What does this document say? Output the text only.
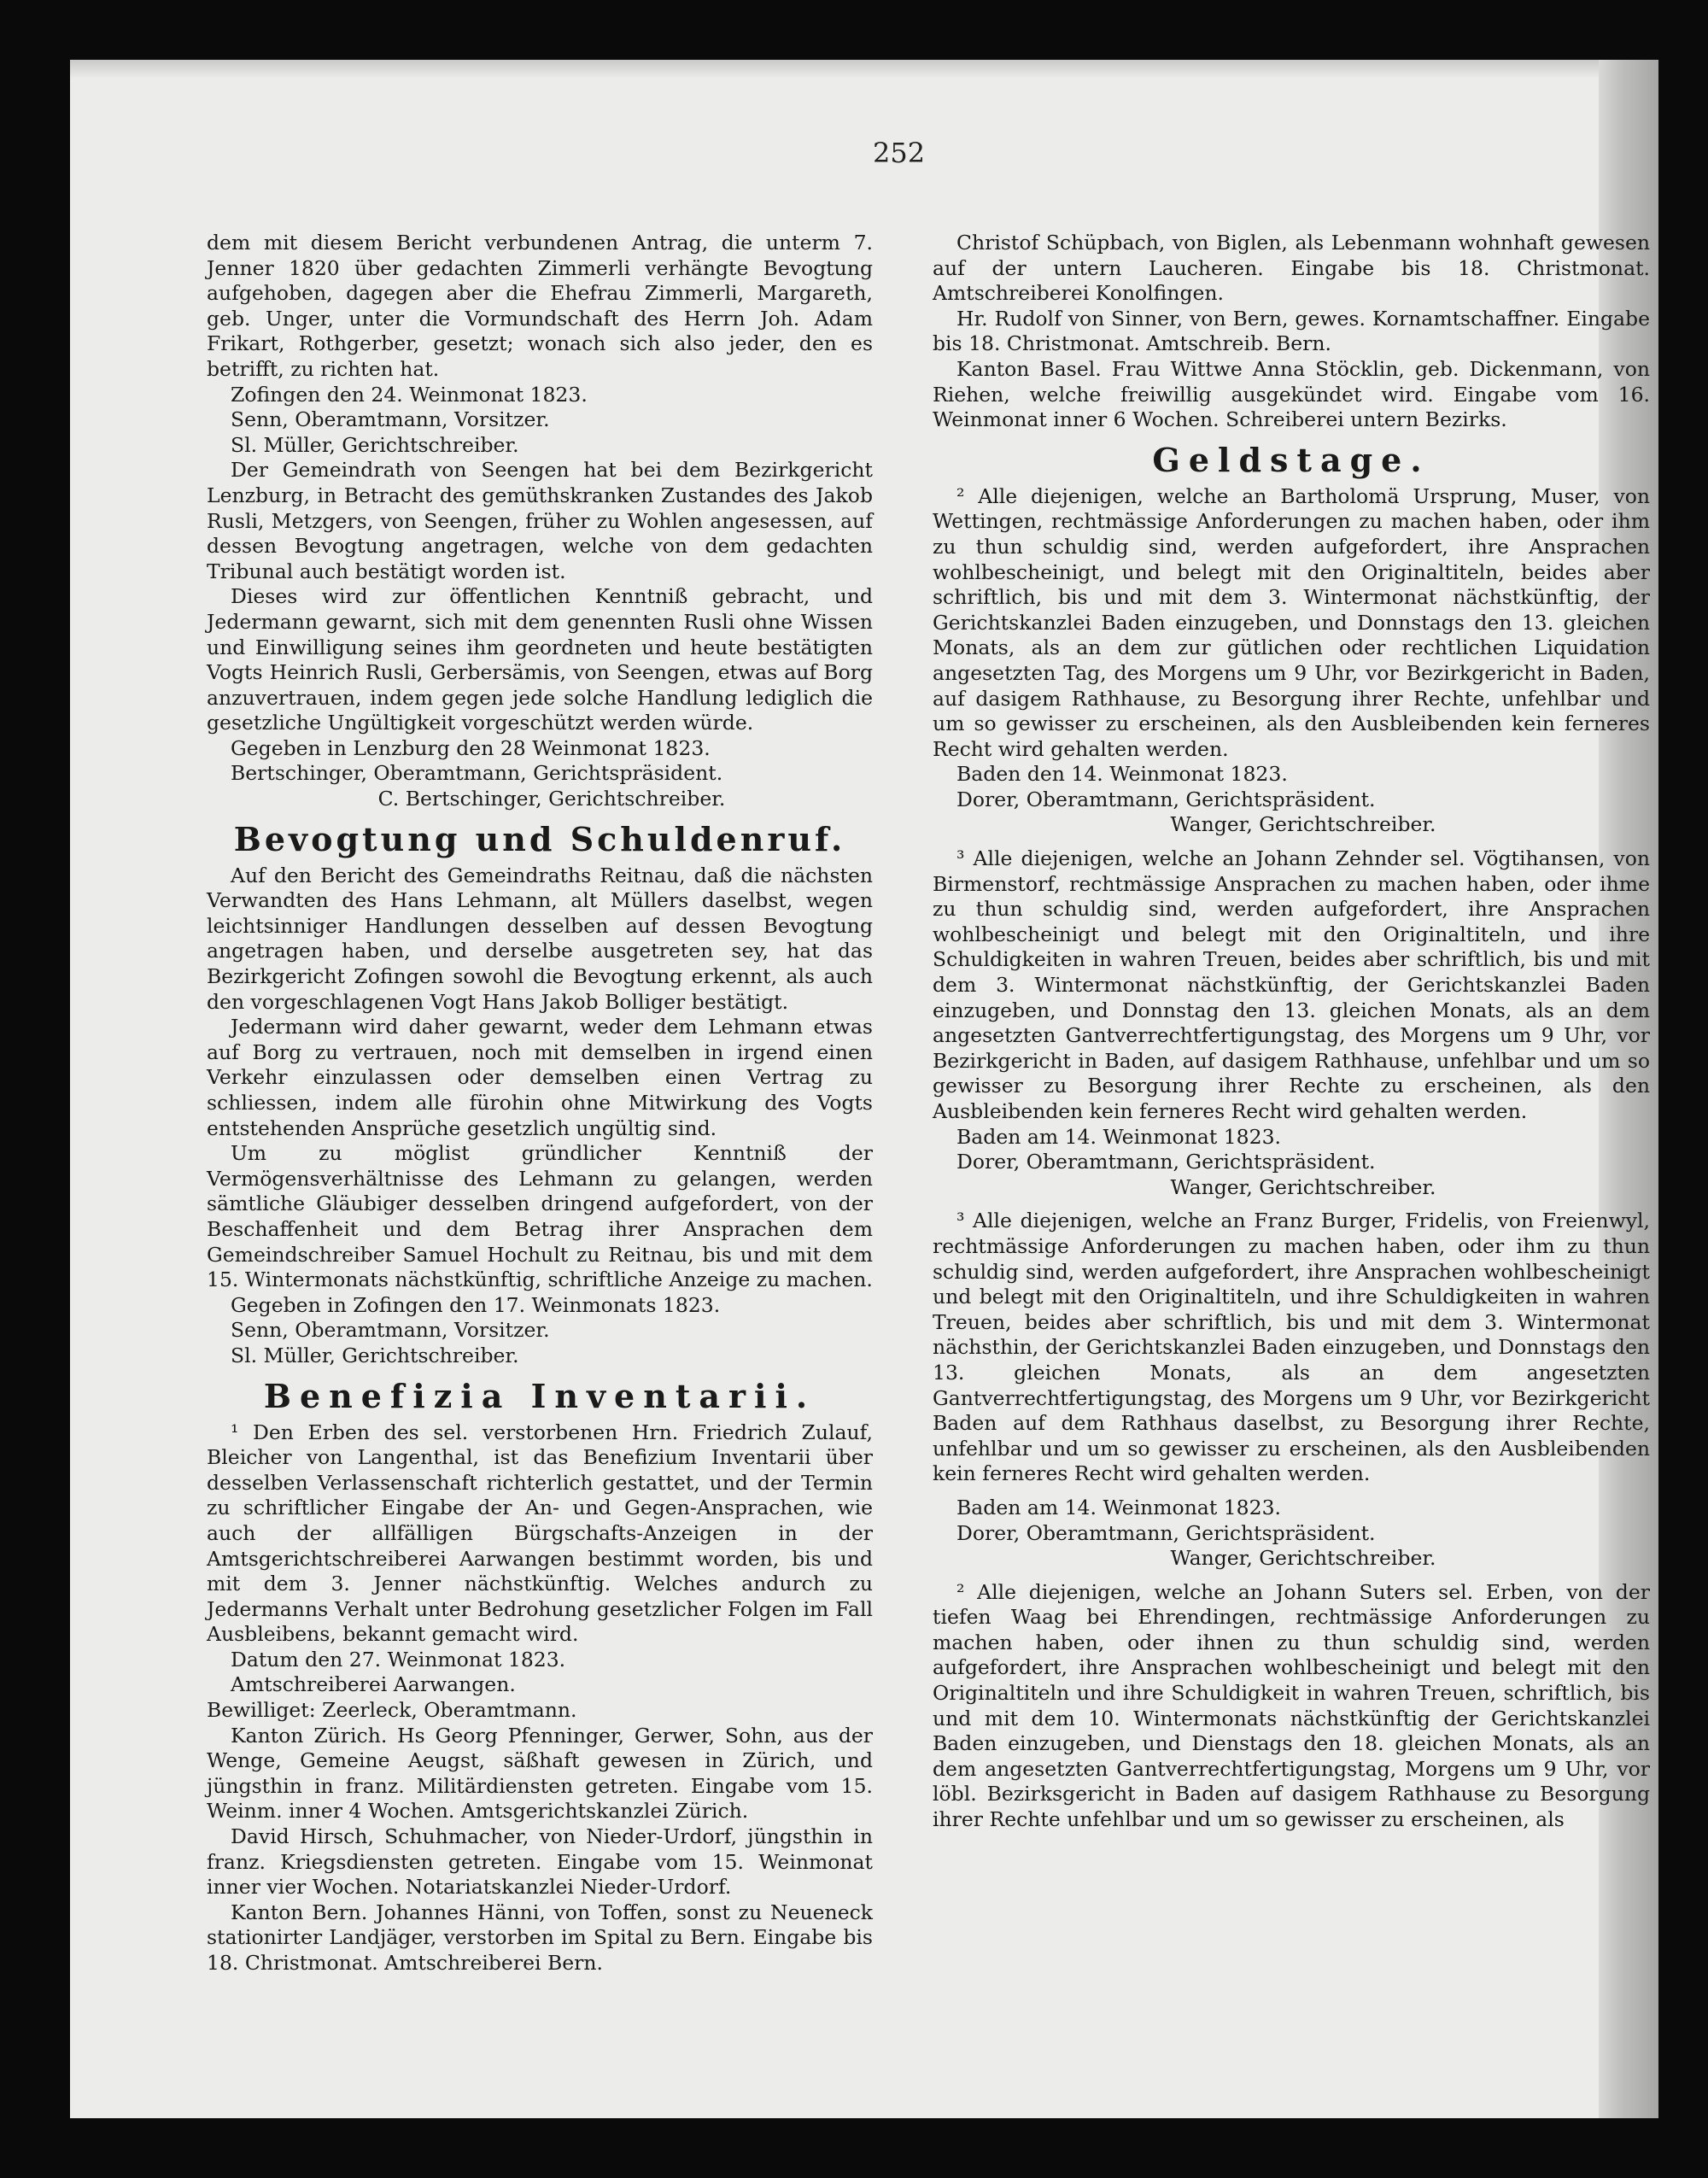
252

dem mit diesem Bericht verbundenen Antrag, die unterm 7. Jenner 1820 über gedachten Zimmerli verhängte Bevogtung aufgehoben, dagegen aber die Ehefrau Zimmerli, Margareth, geb. Unger, unter die Vormundschaft des Herrn Joh. Adam Frikart, Rothgerber, gesetzt; wonach sich also jeder, den es betrifft, zu richten hat.

Zofingen den 24. Weinmonat 1823.

Senn, Oberamtmann, Vorsitzer.

Sl. Müller, Gerichtschreiber.

Der Gemeindrath von Seengen hat bei dem Bezirkgericht Lenzburg, in Betracht des gemüthskranken Zustandes des Jakob Rusli, Metzgers, von Seengen, früher zu Wohlen angesessen, auf dessen Bevogtung angetragen, welche von dem gedachten Tribunal auch bestätigt worden ist.

Dieses wird zur öffentlichen Kenntniß gebracht, und Jedermann gewarnt, sich mit dem genennten Rusli ohne Wissen und Einwilligung seines ihm geordneten und heute bestätigten Vogts Heinrich Rusli, Gerbersämis, von Seengen, etwas auf Borg anzuvertrauen, indem gegen jede solche Handlung lediglich die gesetzliche Ungültigkeit vorgeschützt werden würde.

Gegeben in Lenzburg den 28 Weinmonat 1823.

Bertschinger, Oberamtmann, Gerichtspräsident.

C. Bertschinger, Gerichtschreiber.

Bevogtung und Schuldenruf.

Auf den Bericht des Gemeindraths Reitnau, daß die nächsten Verwandten des Hans Lehmann, alt Müllers daselbst, wegen leichtsinniger Handlungen desselben auf dessen Bevogtung angetragen haben, und derselbe ausgetreten sey, hat das Bezirkgericht Zofingen sowohl die Bevogtung erkennt, als auch den vorgeschlagenen Vogt Hans Jakob Bolliger bestätigt.

Jedermann wird daher gewarnt, weder dem Lehmann etwas auf Borg zu vertrauen, noch mit demselben in irgend einen Verkehr einzulassen oder demselben einen Vertrag zu schliessen, indem alle fürohin ohne Mitwirkung des Vogts entstehenden Ansprüche gesetzlich ungültig sind.

Um zu möglist gründlicher Kenntniß der Vermögensverhältnisse des Lehmann zu gelangen, werden sämtliche Gläubiger desselben dringend aufgefordert, von der Beschaffenheit und dem Betrag ihrer Ansprachen dem Gemeindschreiber Samuel Hochult zu Reitnau, bis und mit dem 15. Wintermonats nächstkünftig, schriftliche Anzeige zu machen.

Gegeben in Zofingen den 17. Weinmonats 1823.

Senn, Oberamtmann, Vorsitzer.

Sl. Müller, Gerichtschreiber.

Benefizia Inventarii.

¹ Den Erben des sel. verstorbenen Hrn. Friedrich Zulauf, Bleicher von Langenthal, ist das Benefizium Inventarii über desselben Verlassenschaft richterlich gestattet, und der Termin zu schriftlicher Eingabe der An- und Gegen-Ansprachen, wie auch der allfälligen Bürgschafts-Anzeigen in der Amtsgerichtschreiberei Aarwangen bestimmt worden, bis und mit dem 3. Jenner nächstkünftig. Welches andurch zu Jedermanns Verhalt unter Bedrohung gesetzlicher Folgen im Fall Ausbleibens, bekannt gemacht wird.

Datum den 27. Weinmonat 1823.

Amtschreiberei Aarwangen.

Bewilliget: Zeerleck, Oberamtmann.

Kanton Zürich. Hs Georg Pfenninger, Gerwer, Sohn, aus der Wenge, Gemeine Aeugst, säßhaft gewesen in Zürich, und jüngsthin in franz. Militärdiensten getreten. Eingabe vom 15. Weinm. inner 4 Wochen. Amtsgerichtskanzlei Zürich.

David Hirsch, Schuhmacher, von Nieder-Urdorf, jüngsthin in franz. Kriegsdiensten getreten. Eingabe vom 15. Weinmonat inner vier Wochen. Notariatskanzlei Nieder-Urdorf.

Kanton Bern. Johannes Hänni, von Toffen, sonst zu Neueneck stationirter Landjäger, verstorben im Spital zu Bern. Eingabe bis 18. Christmonat. Amtschreiberei Bern.

Christof Schüpbach, von Biglen, als Lebenmann wohnhaft gewesen auf der untern Laucheren. Eingabe bis 18. Christmonat. Amtschreiberei Konolfingen.

Hr. Rudolf von Sinner, von Bern, gewes. Kornamtschaffner. Eingabe bis 18. Christmonat. Amtschreib. Bern.

Kanton Basel. Frau Wittwe Anna Stöcklin, geb. Dickenmann, von Riehen, welche freiwillig ausgekündet wird. Eingabe vom 16. Weinmonat inner 6 Wochen. Schreiberei untern Bezirks.

Geldstage.

² Alle diejenigen, welche an Bartholomä Ursprung, Muser, von Wettingen, rechtmässige Anforderungen zu machen haben, oder ihm zu thun schuldig sind, werden aufgefordert, ihre Ansprachen wohlbescheinigt, und belegt mit den Originaltiteln, beides aber schriftlich, bis und mit dem 3. Wintermonat nächstkünftig, der Gerichtskanzlei Baden einzugeben, und Donnstags den 13. gleichen Monats, als an dem zur gütlichen oder rechtlichen Liquidation angesetzten Tag, des Morgens um 9 Uhr, vor Bezirkgericht in Baden, auf dasigem Rathhause, zu Besorgung ihrer Rechte, unfehlbar und um so gewisser zu erscheinen, als den Ausbleibenden kein ferneres Recht wird gehalten werden.

Baden den 14. Weinmonat 1823.

Dorer, Oberamtmann, Gerichtspräsident.

Wanger, Gerichtschreiber.

³ Alle diejenigen, welche an Johann Zehnder sel. Vögtihansen, von Birmenstorf, rechtmässige Ansprachen zu machen haben, oder ihme zu thun schuldig sind, werden aufgefordert, ihre Ansprachen wohlbescheinigt und belegt mit den Originaltiteln, und ihre Schuldigkeiten in wahren Treuen, beides aber schriftlich, bis und mit dem 3. Wintermonat nächstkünftig, der Gerichtskanzlei Baden einzugeben, und Donnstag den 13. gleichen Monats, als an dem angesetzten Gantverrechtfertigungstag, des Morgens um 9 Uhr, vor Bezirkgericht in Baden, auf dasigem Rathhause, unfehlbar und um so gewisser zu Besorgung ihrer Rechte zu erscheinen, als den Ausbleibenden kein ferneres Recht wird gehalten werden.

Baden am 14. Weinmonat 1823.

Dorer, Oberamtmann, Gerichtspräsident.

Wanger, Gerichtschreiber.

³ Alle diejenigen, welche an Franz Burger, Fridelis, von Freienwyl, rechtmässige Anforderungen zu machen haben, oder ihm zu thun schuldig sind, werden aufgefordert, ihre Ansprachen wohlbescheinigt und belegt mit den Originaltiteln, und ihre Schuldigkeiten in wahren Treuen, beides aber schriftlich, bis und mit dem 3. Wintermonat nächsthin, der Gerichtskanzlei Baden einzugeben, und Donnstags den 13. gleichen Monats, als an dem angesetzten Gantverrechtfertigungstag, des Morgens um 9 Uhr, vor Bezirkgericht Baden auf dem Rathhaus daselbst, zu Besorgung ihrer Rechte, unfehlbar und um so gewisser zu erscheinen, als den Ausbleibenden kein ferneres Recht wird gehalten werden.

Baden am 14. Weinmonat 1823.

Dorer, Oberamtmann, Gerichtspräsident.

Wanger, Gerichtschreiber.

² Alle diejenigen, welche an Johann Suters sel. Erben, von der tiefen Waag bei Ehrendingen, rechtmässige Anforderungen zu machen haben, oder ihnen zu thun schuldig sind, werden aufgefordert, ihre Ansprachen wohlbescheinigt und belegt mit den Originaltiteln und ihre Schuldigkeit in wahren Treuen, schriftlich, bis und mit dem 10. Wintermonats nächstkünftig der Gerichtskanzlei Baden einzugeben, und Dienstags den 18. gleichen Monats, als an dem angesetzten Gantverrechtfertigungstag, Morgens um 9 Uhr, vor löbl. Bezirksgericht in Baden auf dasigem Rathhause zu Besorgung ihrer Rechte unfehlbar und um so gewisser zu erscheinen, als
